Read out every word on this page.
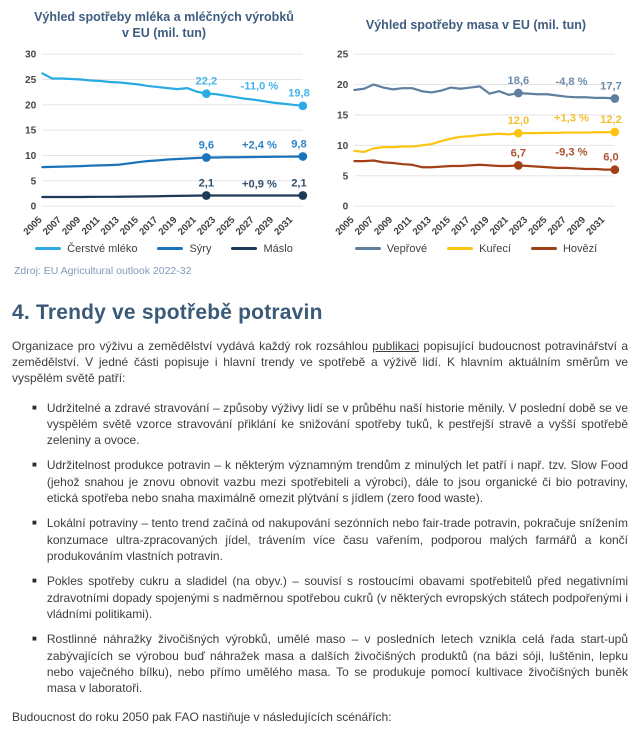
Výhled spotřeby mléka a mléčných výrobků v EU (mil. tun)
0
5
10
15
20
25
30
2005
2007
2009
2011
2013
2015
2017
2019
2021
2023
2025
2027
2029
2031
22,2 -11,0 %
19,8
9,6	+2,4 % 9,8
2,1	+0,9 % 2,1
Čerstvé mléko	Sýry	Máslo
Výhled spotřeby masa v EU (mil. tun)
0
5
10
15
20
25
2005
2007
2009
2011
2013
2015
2017
2019
2021
2023
2025
2027
2029
2031
18,6 -4,8 % 17,7
12,0 +1,3 % 12,2
6,7	-9,3 % 6,0
Vepřové	Kuřecí	Hovězí
Zdroj: EU Agricultural outlook 2022-32
4. Trendy ve spotřebě potravin

Organizace pro výživu a zemědělství vydává každý rok rozsáhlou publikaci popisující budoucnost potravinářství a zemědělství. V jedné části popisuje i hlavní trendy ve spotřebě a výživě lidí. K hlavním aktuálním směrům ve vyspělém světě patří:

■ Udržitelné a zdravé stravování – způsoby výživy lidí se v průběhu naší historie měnily. V poslední době se ve vyspělém světě vzorce stravování přiklání ke snižování spotřeby tuků, k pestřejší stravě a vyšší spotřebě zeleniny a ovoce.
■ Udržitelnost produkce potravin – k některým významným trendům z minulých let patří i např. tzv. Slow Food (jehož snahou je znovu obnovit vazbu mezi spotřebiteli a výrobci), dále to jsou organické či bio potraviny, etická spotřeba nebo snaha maximálně omezit plýtvání s jídlem (zero food waste).
■ Lokální potraviny – tento trend začíná od nakupování sezónních nebo fair-trade potravin, pokračuje snížením konzumace ultra-zpracovaných jídel, trávením více času vařením, podporou malých farmářů a končí produkováním vlastních potravin.
■ Pokles spotřeby cukru a sladidel (na obyv.) – souvisí s rostoucími obavami spotřebitelů před negativními zdravotními dopady spojenými s nadměrnou spotřebou cukrů (v některých evropských státech podpořenými i vládními politikami).
■ Rostlinné náhražky živočišných výrobků, umělé maso – v posledních letech vznikla celá řada start-upů zabývajících se výrobou buď náhražek masa a dalších živočišných produktů (na bázi sóji, luštěnin, lepku nebo vaječného bílku), nebo přímo umělého masa. To se produkuje pomocí kultivace živočišných buněk masa v laboratoři.

Budoucnost do roku 2050 pak FAO nastiňuje v následujících scénářích:
